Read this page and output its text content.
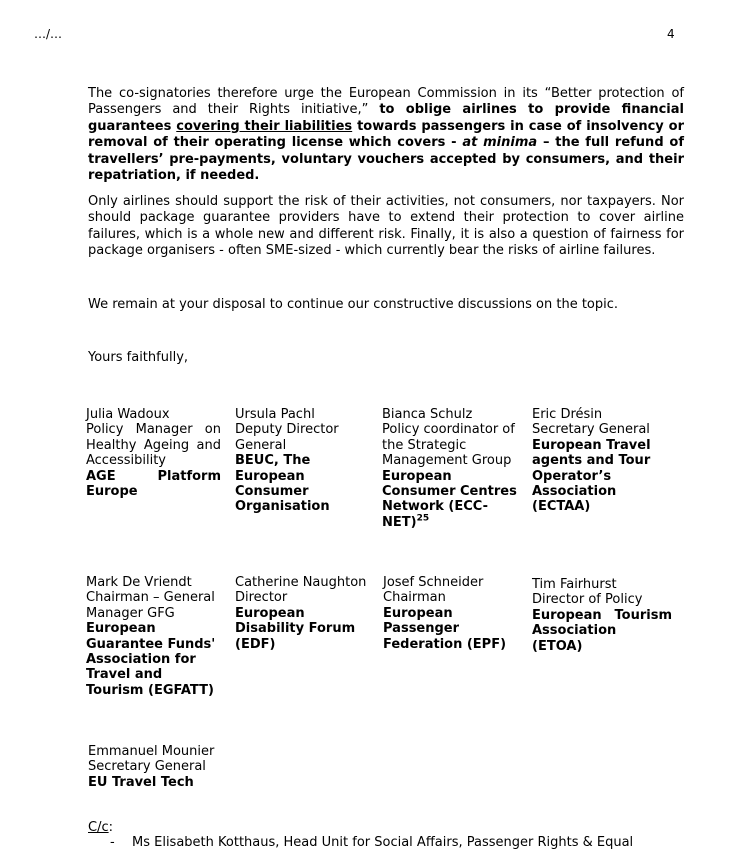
…/…	4

The co-signatories therefore urge the European Commission in its “Better protection of Passengers and their Rights initiative,” to oblige airlines to provide financial guarantees covering their liabilities towards passengers in case of insolvency or removal of their operating license which covers - at minima – the full refund of travellers’ pre-payments, voluntary vouchers accepted by consumers, and their repatriation, if needed.

Only airlines should support the risk of their activities, not consumers, nor taxpayers. Nor should package guarantee providers have to extend their protection to cover airline failures, which is a whole new and different risk. Finally, it is also a question of fairness for package organisers - often SME-sized - which currently bear the risks of airline failures.

We remain at your disposal to continue our constructive discussions on the topic.

Yours faithfully,

Julia Wadoux
Policy Manager on
Healthy Ageing and
Accessibility
AGE Platform
Europe
Ursula Pachl
Deputy Director
General
BEUC, The
European
Consumer
Organisation
Bianca Schulz
Policy coordinator of
the Strategic
Management Group
European
Consumer Centres
Network (ECC-
NET)$^{25}$
Eric Drésin
Secretary General
European Travel
agents and Tour
Operator’s
Association
(ECTAA)
Mark De Vriendt
Chairman – General
Manager GFG
European
Guarantee Funds'
Association for
Travel and
Tourism (EGFATT)
Catherine Naughton
Director
European
Disability Forum
(EDF)
Josef Schneider
Chairman
European
Passenger
Federation (EPF)
Tim Fairhurst
Director of Policy
European Tourism
Association
(ETOA)
Emmanuel Mounier
Secretary General
EU Travel Tech
C/c:
- Ms Elisabeth Kotthaus, Head Unit for Social Affairs, Passenger Rights & Equal
